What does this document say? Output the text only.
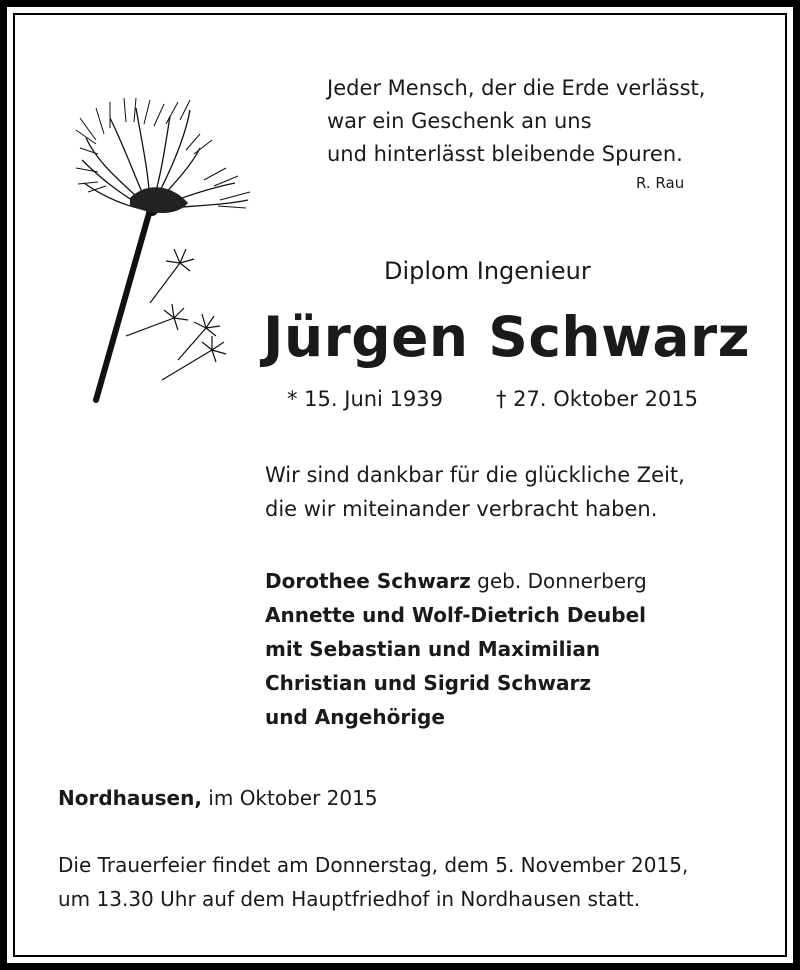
Jeder Mensch, der die Erde verlässt,
war ein Geschenk an uns
und hinterlässt bleibende Spuren.
R. Rau
Diplom Ingenieur
Jürgen Schwarz
* 15. Juni 1939	† 27. Oktober 2015
Wir sind dankbar für die glückliche Zeit,
die wir miteinander verbracht haben.
Dorothee Schwarz geb. Donnerberg
Annette und Wolf-Dietrich Deubel
mit Sebastian und Maximilian
Christian und Sigrid Schwarz
und Angehörige
Nordhausen, im Oktober 2015
Die Trauerfeier findet am Donnerstag, dem 5. November 2015,
um 13.30 Uhr auf dem Hauptfriedhof in Nordhausen statt.
